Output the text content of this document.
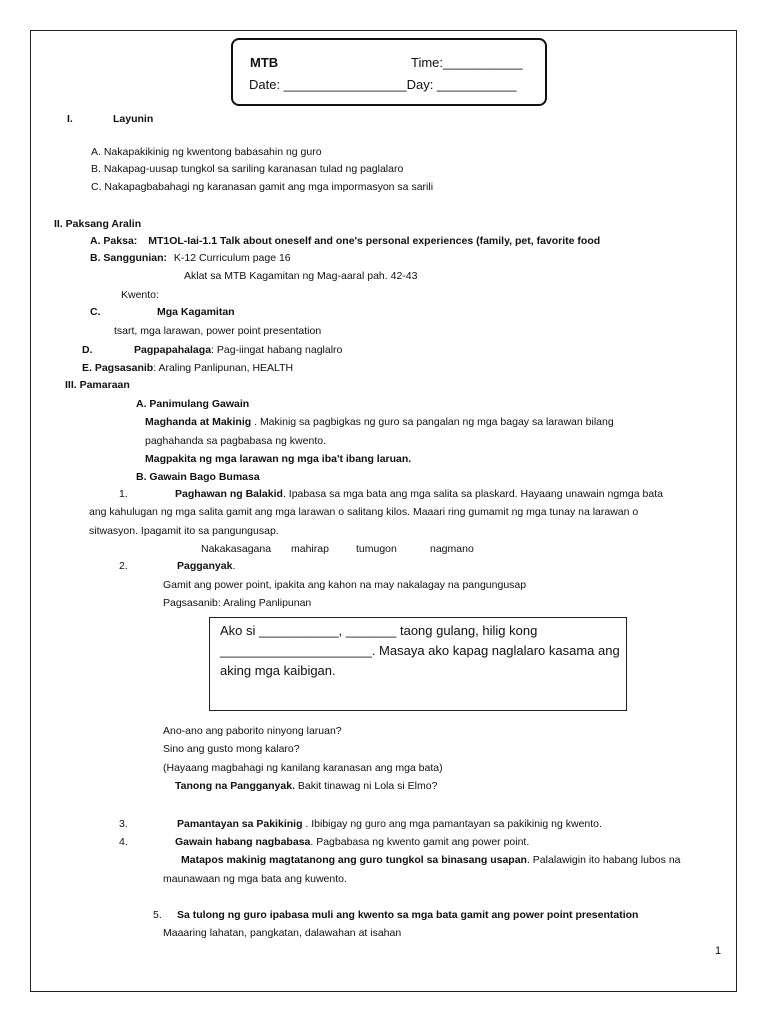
MTB	Time:___________
Date: _________________Day: ___________
I.	Layunin
A. Nakapakikinig ng kwentong babasahin ng guro
B. Nakapag-uusap tungkol sa sariling karanasan tulad ng paglalaro
C. Nakapagbabahagi ng karanasan gamit ang mga impormasyon sa sarili
II. Paksang Aralin
A. Paksa: MT1OL-Iai-1.1 Talk about oneself and one's personal experiences (family, pet, favorite food
B. Sanggunian: K-12 Curriculum page 16
Aklat sa MTB Kagamitan ng Mag-aaral pah. 42-43
Kwento:
C.	Mga Kagamitan
tsart, mga larawan, power point presentation
D.	Pagpapahalaga: Pag-iingat habang naglalro
E. Pagsasanib: Araling Panlipunan, HEALTH
III. Pamaraan
A. Panimulang Gawain
Maghanda at Makinig . Makinig sa pagbigkas ng guro sa pangalan ng mga bagay sa larawan bilang
paghahanda sa pagbabasa ng kwento.
Magpakita ng mga larawan ng mga iba't ibang laruan.
B. Gawain Bago Bumasa
1.	Paghawan ng Balakid. Ipabasa sa mga bata ang mga salita sa plaskard. Hayaang unawain ngmga bata
ang kahulugan ng mga salita gamit ang mga larawan o salitang kilos. Maaari ring gumamit ng mga tunay na larawan o
sitwasyon. Ipagamit ito sa pangungusap.
Nakakasagana mahirap	tumugon	nagmano
2.	Pagganyak.
Gamit ang power point, ipakita ang kahon na may nakalagay na pangungusap
Pagsasanib: Araling Panlipunan
Ako si ___________, _______ taong gulang, hilig kong
_____________________. Masaya ako kapag naglalaro kasama ang
aking mga kaibigan.
Ano-ano ang paborito ninyong laruan?
Sino ang gusto mong kalaro?
(Hayaang magbahagi ng kanilang karanasan ang mga bata)
Tanong na Pangganyak. Bakit tinawag ni Lola si Elmo?
3.	Pamantayan sa Pakikinig . Ibibigay ng guro ang mga pamantayan sa pakikinig ng kwento.
4.	Gawain habang nagbabasa. Pagbabasa ng kwento gamit ang power point.
Matapos makinig magtatanong ang guro tungkol sa binasang usapan. Palalawigin ito habang lubos na
maunawaan ng mga bata ang kuwento.
5. Sa tulong ng guro ipabasa muli ang kwento sa mga bata gamit ang power point presentation
Maaaring lahatan, pangkatan, dalawahan at isahan
1
